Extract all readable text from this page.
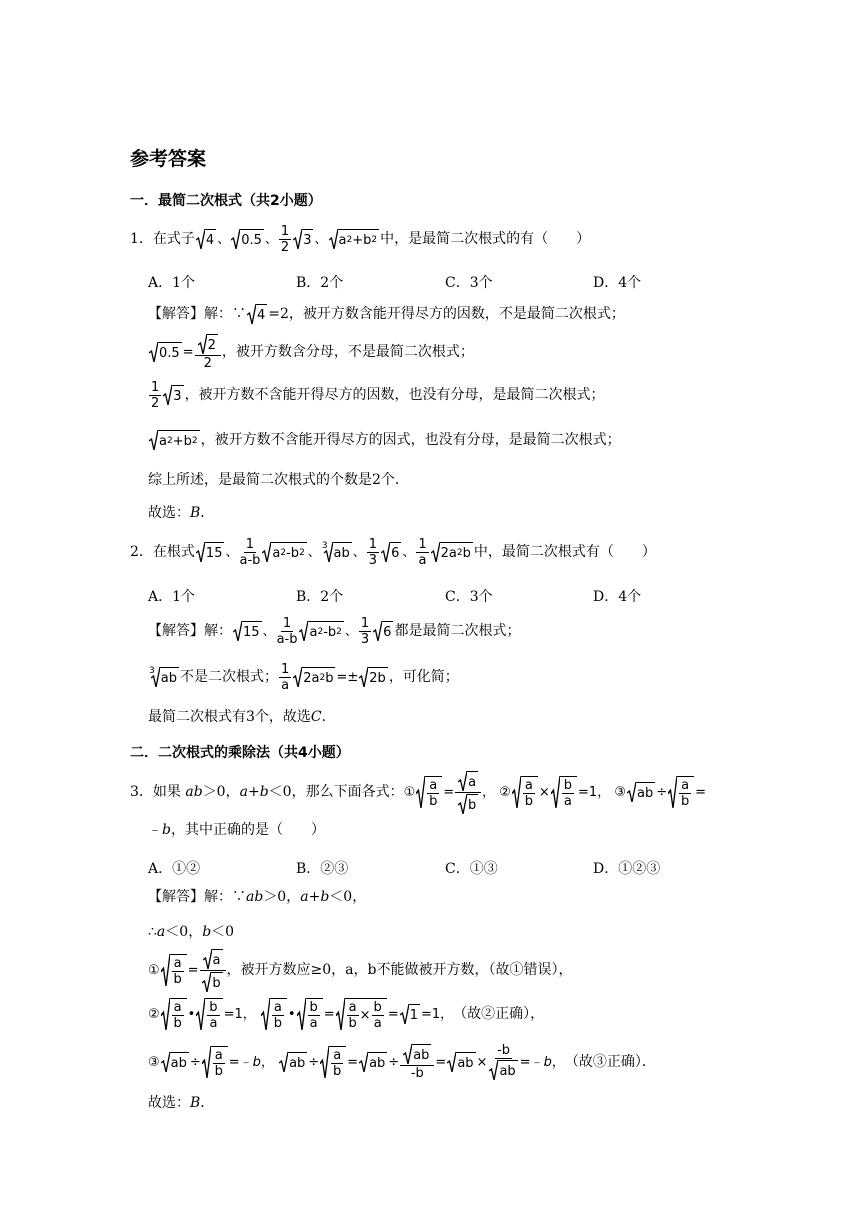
参考答案
一．最简二次根式（共2小题）
1． 在式子 4 、 0.5 、
1
2 3 、 a 2 +b 2 中，是最简二次根式的有（　　）
A．1个	B．2个	C．3个	D．4个
【解答】解：∵ 4 =2，被开方数含能开得尽方的因数，不是最简二次根式；
0.5 = 2
2
，被开方数含分母，不是最简二次根式；
1
2 3 ，被开方数不含能开得尽方的因数，也没有分母，是最简二次根式；
a 2 +b 2 ，被开方数不含能开得尽方的因式，也没有分母，是最简二次根式；
综上所述，是最简二次根式的个数是2个．
故选： B ．
2． 在根式 15 、
1
a-b a 2 -b 2 、 3 ab 、
1
3 6 、
1
a 2a 2 b 中，最简二次根式有（　　）
A．1个	B．2个	C．3个	D．4个
【解答】解： 15 、
1
a-b a 2 -b 2 、
1
3 6 都是最简二次根式；
3 ab 不是二次根式； 1
a 2a 2 b =± 2b ，可化简；
最简二次根式有3个，故选 C ．
二．二次根式的乘除法（共4小题）
3． 如果 ab ＞0， a + b ＜0 ，那么下面各式： ① a
b
=
a
b
， ② a
b
× b
a
=1， ③ ab ÷ a
b
=
﹣ b ，其中正确的是（　　）
A．①②	B．②③	C．①③	D．①②③
【解答】解：∵ ab ＞0， a + b ＜0，
∴ a ＜0， b ＜0
① a
b
=
a
b
，被开方数应≥0，a，b不能做被开方数，（故①错误），
② a
b
• b
a
=1， a
b
• b
a
= a
b
×
b
a
= 1 =1， （故②正确），
③ ab ÷ a
b
=﹣ b ， ab ÷ a
b
= ab ÷ ab
-b
= ab ×
-b
ab
=﹣ b ， （故③正确）．
故选： B ．
